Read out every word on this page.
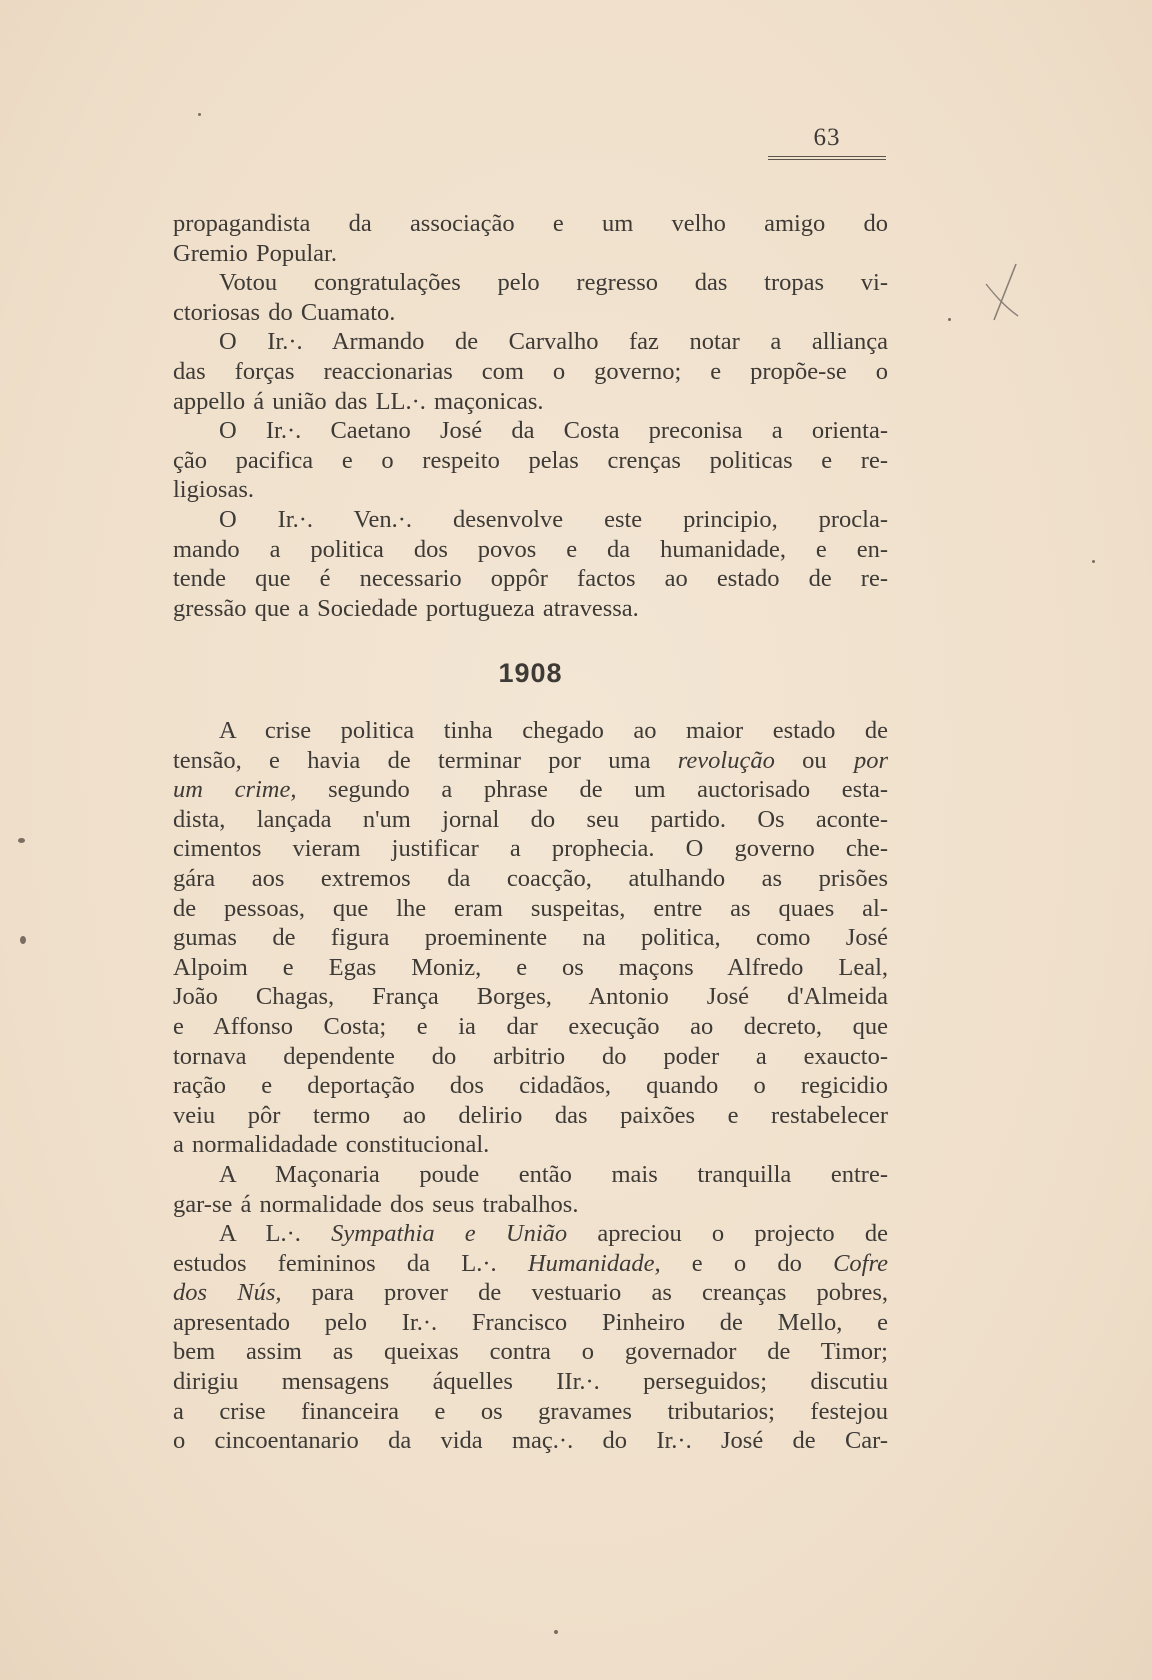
63
propagandista da associação e um velho amigo do
Gremio Popular.
Votou congratulações pelo regresso das tropas vi-
ctoriosas do Cuamato.
O Ir.·. Armando de Carvalho faz notar a alliança
das forças reaccionarias com o governo; e propõe-se o
appello á união das LL.·. maçonicas.
O Ir.·. Caetano José da Costa preconisa a orienta-
ção pacifica e o respeito pelas crenças politicas e re-
ligiosas.
O Ir.·. Ven.·. desenvolve este principio, procla-
mando a politica dos povos e da humanidade, e en-
tende que é necessario oppôr factos ao estado de re-
gressão que a Sociedade portugueza atravessa.
1908
A crise politica tinha chegado ao maior estado de
tensão, e havia de terminar por uma revolução ou por
um crime, segundo a phrase de um auctorisado esta-
dista, lançada n'um jornal do seu partido. Os aconte-
cimentos vieram justificar a prophecia. O governo che-
gára aos extremos da coacção, atulhando as prisões
de pessoas, que lhe eram suspeitas, entre as quaes al-
gumas de figura proeminente na politica, como José
Alpoim e Egas Moniz, e os maçons Alfredo Leal,
João Chagas, França Borges, Antonio José d'Almeida
e Affonso Costa; e ia dar execução ao decreto, que
tornava dependente do arbitrio do poder a exaucto-
ração e deportação dos cidadãos, quando o regicidio
veiu pôr termo ao delirio das paixões e restabelecer
a normalidadade constitucional.
A Maçonaria poude então mais tranquilla entre-
gar-se á normalidade dos seus trabalhos.
A L.·. Sympathia e União apreciou o projecto de
estudos femininos da L.·. Humanidade, e o do Cofre
dos Nús, para prover de vestuario as creanças pobres,
apresentado pelo Ir.·. Francisco Pinheiro de Mello, e
bem assim as queixas contra o governador de Timor;
dirigiu mensagens áquelles IIr.·. perseguidos; discutiu
a crise financeira e os gravames tributarios; festejou
o cincoentanario da vida maç.·. do Ir.·. José de Car-
